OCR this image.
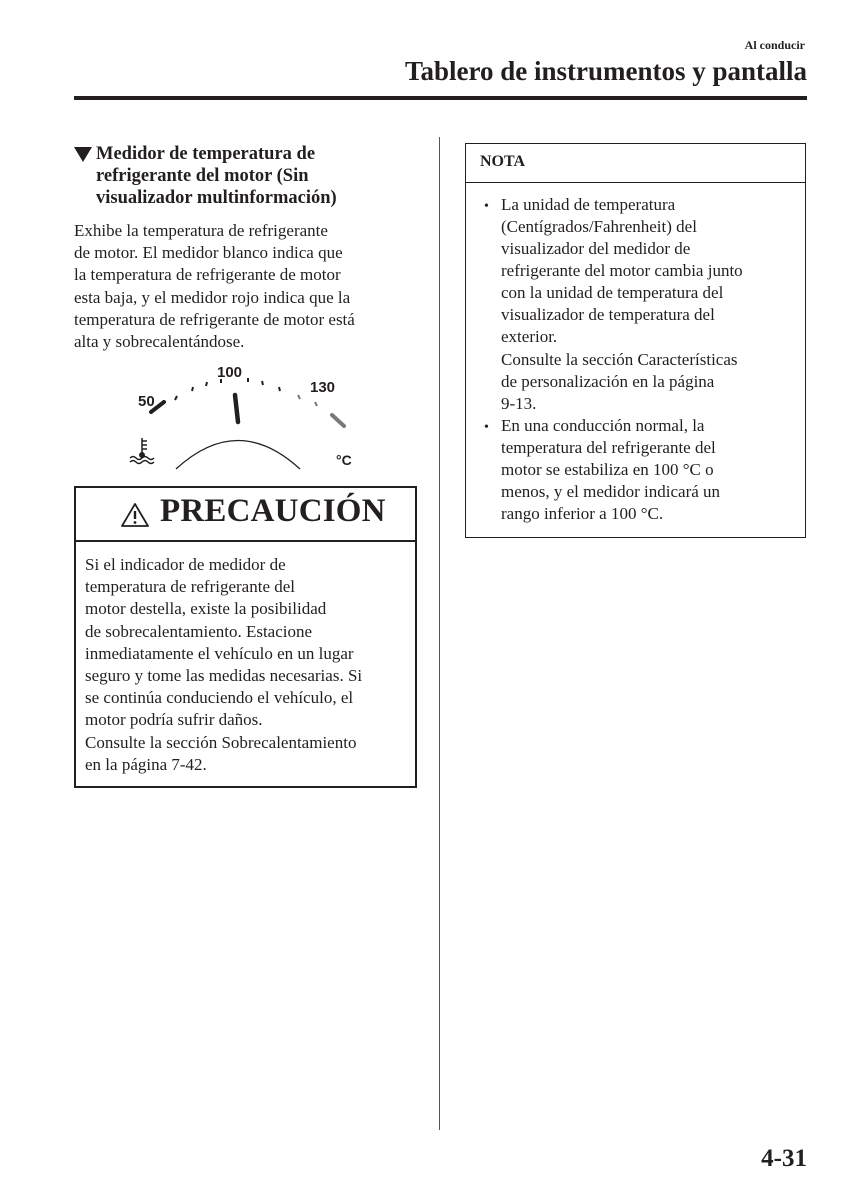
Al conducir
Tablero de instrumentos y pantalla
Medidor de temperatura de
refrigerante del motor (Sin
visualizador multinformación)
Exhibe la temperatura de refrigerante
de motor. El medidor blanco indica que
la temperatura de refrigerante de motor
esta baja, y el medidor rojo indica que la
temperatura de refrigerante de motor está
alta y sobrecalentándose.
50
100
130
°C
PRECAUCIÓN
Si el indicador de medidor de
temperatura de refrigerante del
motor destella, existe la posibilidad
de sobrecalentamiento. Estacione
inmediatamente el vehículo en un lugar
seguro y tome las medidas necesarias. Si
se continúa conduciendo el vehículo, el
motor podría sufrir daños.
Consulte la sección Sobrecalentamiento
en la página 7-42.
NOTA
• La unidad de temperatura
(Centígrados/Fahrenheit) del
visualizador del medidor de
refrigerante del motor cambia junto
con la unidad de temperatura del
visualizador de temperatura del
exterior.
Consulte la sección Características
de personalización en la página
9-13.
• En una conducción normal, la
temperatura del refrigerante del
motor se estabiliza en 100 °C o
menos, y el medidor indicará un
rango inferior a 100 °C.
4-31
